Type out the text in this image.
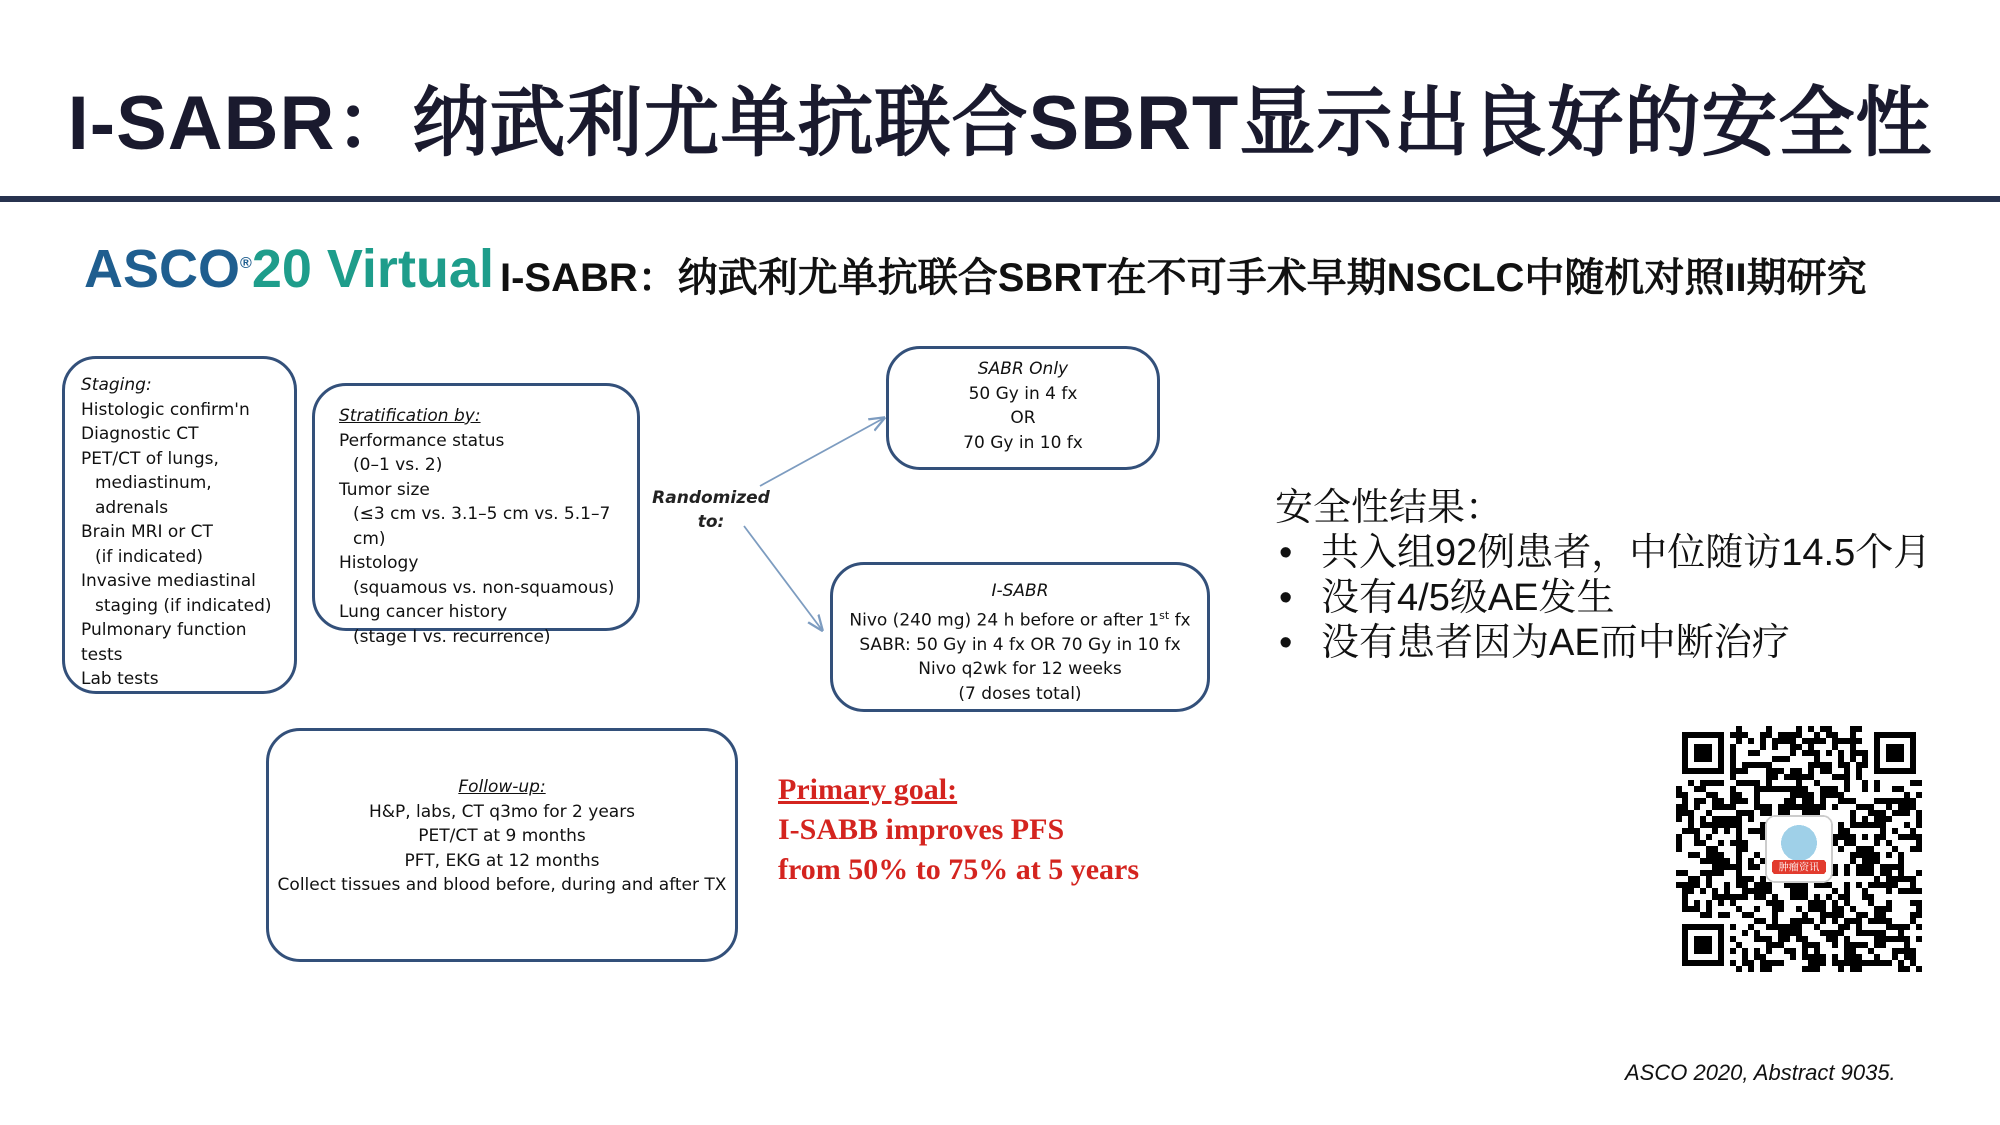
I-SABR：纳武利尤单抗联合SBRT显示出良好的安全性
ASCO®20 Virtual I-SABR：纳武利尤单抗联合SBRT在不可手术早期NSCLC中随机对照II期研究
Staging:
Histologic confirm'n
Diagnostic CT
PET/CT of lungs,
mediastinum,
adrenals
Brain MRI or CT
(if indicated)
Invasive mediastinal
staging (if indicated)
Pulmonary function tests
Lab tests
Stratification by:
Performance status
(0–1 vs. 2)
Tumor size
(≤3 cm vs. 3.1–5 cm vs. 5.1–7 cm)
Histology
(squamous vs. non-squamous)
Lung cancer history
(stage I vs. recurrence)
Randomized
to:
SABR Only
50 Gy in 4 fx
OR
70 Gy in 10 fx
I-SABR
Nivo (240 mg) 24 h before or after 1st fx
SABR: 50 Gy in 4 fx OR 70 Gy in 10 fx
Nivo q2wk for 12 weeks
(7 doses total)
Follow-up:
H&P, labs, CT q3mo for 2 years
PET/CT at 9 months
PFT, EKG at 12 months
Collect tissues and blood before, during and after TX
Primary goal:
I-SABB improves PFS
from 50% to 75% at 5 years
安全性结果：
• 共入组92例患者，中位随访14.5个月
• 没有4/5级AE发生
• 没有患者因为AE而中断治疗
肿瘤资讯
ASCO 2020, Abstract 9035.
